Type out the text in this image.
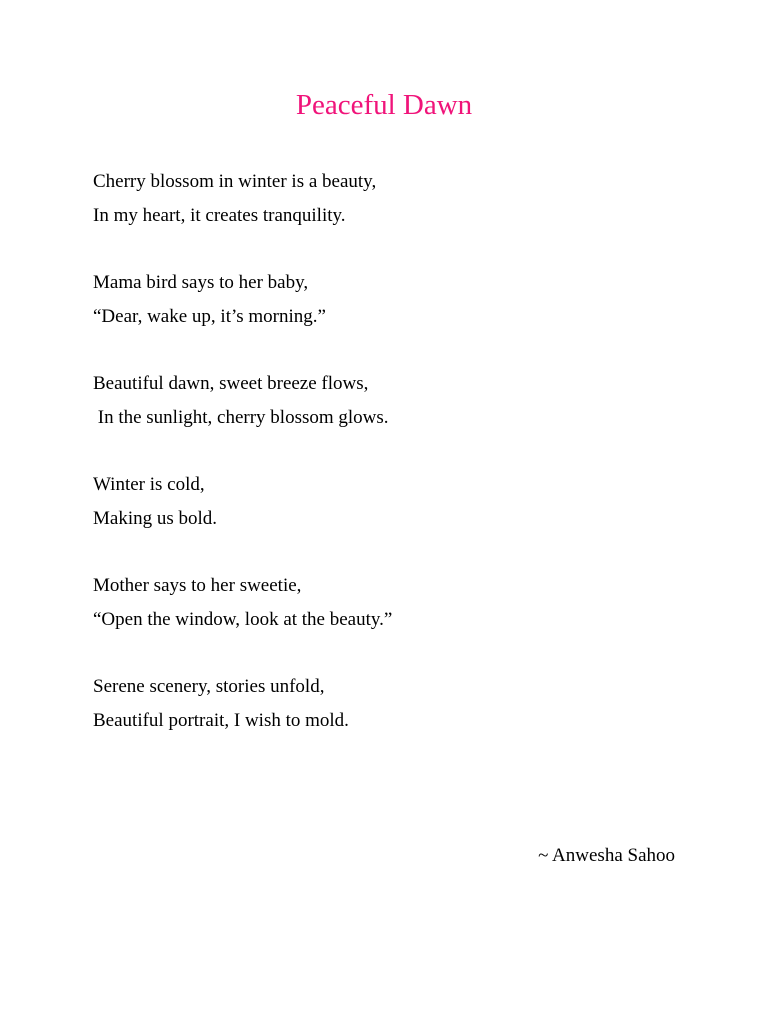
Peaceful Dawn

Cherry blossom in winter is a beauty,

In my heart, it creates tranquility.

Mama bird says to her baby,

“Dear, wake up, it’s morning.”

Beautiful dawn, sweet breeze flows,

In the sunlight, cherry blossom glows.

Winter is cold,

Making us bold.

Mother says to her sweetie,

“Open the window, look at the beauty.”

Serene scenery, stories unfold,

Beautiful portrait, I wish to mold.

~ Anwesha Sahoo
